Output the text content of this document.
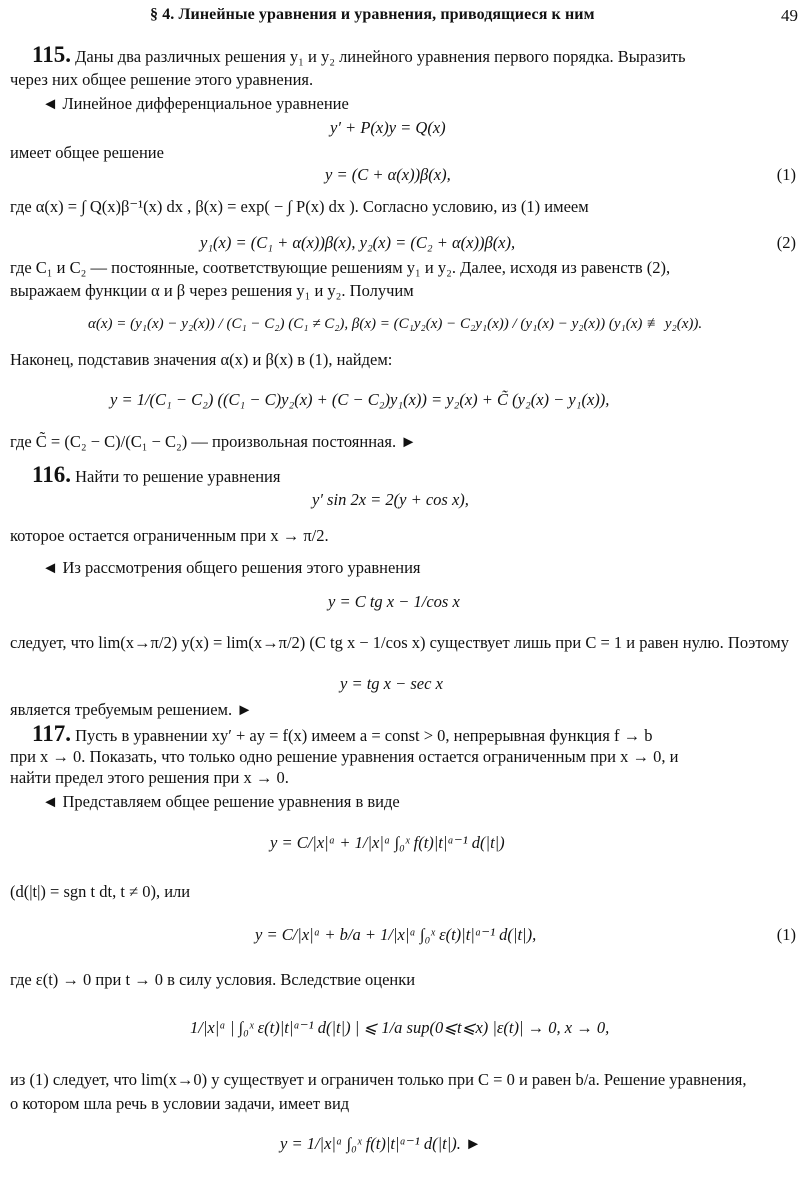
§ 4. Линейные уравнения и уравнения, приводящиеся к ним	49
115. Даны два различных решения y₁ и y₂ линейного уравнения первого порядка. Выразить
через них общее решение этого уравнения.
◄ Линейное дифференциальное уравнение
y′ + P(x)y = Q(x)
имеет общее решение
y = (C + α(x))β(x),	(1)
где α(x) = ∫ Q(x)β⁻¹(x) dx , β(x) = exp( − ∫ P(x) dx ). Согласно условию, из (1) имеем
y₁(x) = (C₁ + α(x))β(x), y₂(x) = (C₂ + α(x))β(x),	(2)
где C₁ и C₂ — постоянные, соответствующие решениям y₁ и y₂. Далее, исходя из равенств (2),
выражаем функции α и β через решения y₁ и y₂. Получим
α(x) = (y₁(x) − y₂(x)) / (C₁ − C₂) (C₁ ≠ C₂), β(x) = (C₁y₂(x) − C₂y₁(x)) / (y₁(x) − y₂(x)) (y₁(x) ≢ y₂(x)).
Наконец, подставив значения α(x) и β(x) в (1), найдем:
y = 1/(C₁ − C₂) ((C₁ − C)y₂(x) + (C − C₂)y₁(x)) = y₂(x) + C̃ (y₂(x) − y₁(x)),
где C̃ = (C₂ − C)/(C₁ − C₂) — произвольная постоянная. ►
116. Найти то решение уравнения
y′ sin 2x = 2(y + cos x),
которое остается ограниченным при x → π/2.
◄ Из рассмотрения общего решения этого уравнения
y = C tg x − 1/cos x
следует, что lim(x→π/2) y(x) = lim(x→π/2) (C tg x − 1/cos x) существует лишь при C = 1 и равен нулю. Поэтому
y = tg x − sec x
является требуемым решением. ►
117. Пусть в уравнении xy′ + ay = f(x) имеем a = const > 0, непрерывная функция f → b
при x → 0. Показать, что только одно решение уравнения остается ограниченным при x → 0, и
найти предел этого решения при x → 0.
◄ Представляем общее решение уравнения в виде
y = C/|x|ᵃ + 1/|x|ᵃ ∫₀ˣ f(t)|t|ᵃ⁻¹ d(|t|)
(d(|t|) = sgn t dt, t ≠ 0), или
y = C/|x|ᵃ + b/a + 1/|x|ᵃ ∫₀ˣ ε(t)|t|ᵃ⁻¹ d(|t|),	(1)
где ε(t) → 0 при t → 0 в силу условия. Вследствие оценки
1/|x|ᵃ | ∫₀ˣ ε(t)|t|ᵃ⁻¹ d(|t|) | ⩽ 1/a sup(0⩽t⩽x) |ε(t)| → 0, x → 0,
из (1) следует, что lim(x→0) y существует и ограничен только при C = 0 и равен b/a. Решение уравнения,
о котором шла речь в условии задачи, имеет вид
y = 1/|x|ᵃ ∫₀ˣ f(t)|t|ᵃ⁻¹ d(|t|). ►
